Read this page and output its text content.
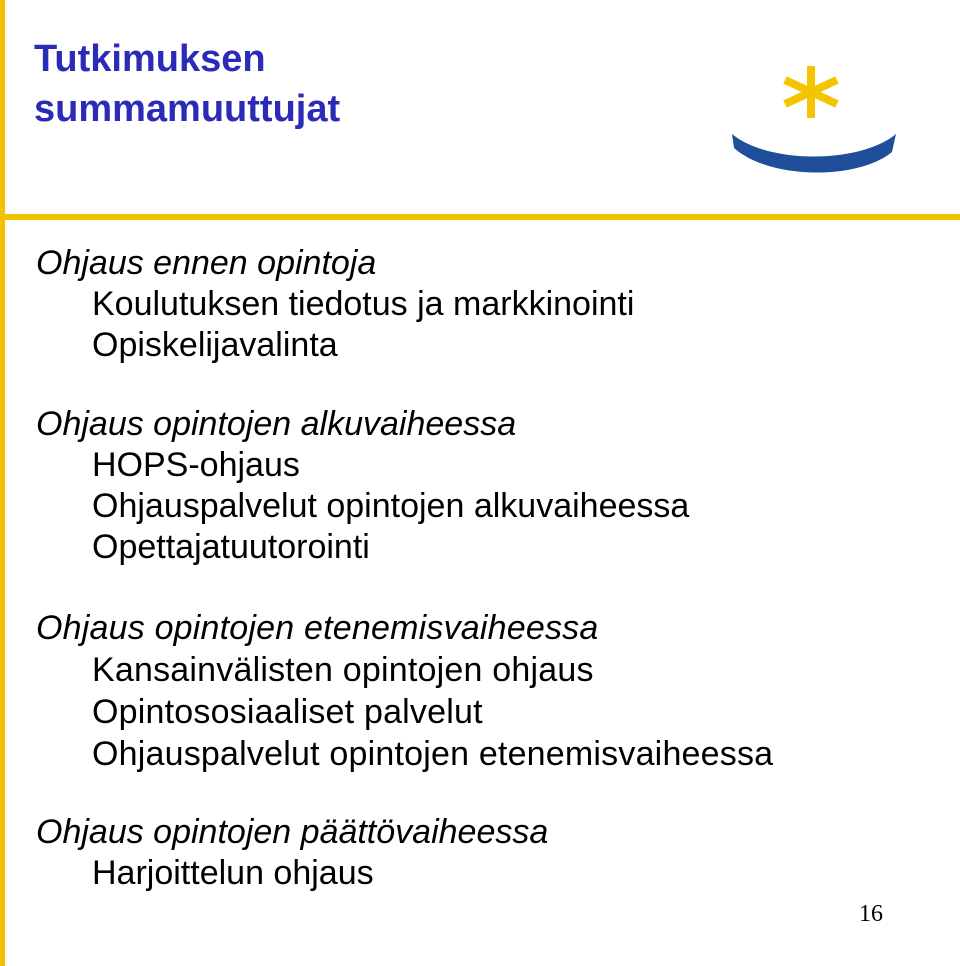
Tutkimuksen
summamuuttujat
Ohjaus ennen opintoja
Koulutuksen tiedotus ja markkinointi
Opiskelijavalinta
Ohjaus opintojen alkuvaiheessa
HOPS-ohjaus
Ohjauspalvelut opintojen alkuvaiheessa
Opettajatuutorointi
Ohjaus opintojen etenemisvaiheessa
Kansainvälisten opintojen ohjaus
Opintososiaaliset palvelut
Ohjauspalvelut opintojen etenemisvaiheessa
Ohjaus opintojen päättövaiheessa
Harjoittelun ohjaus
16
